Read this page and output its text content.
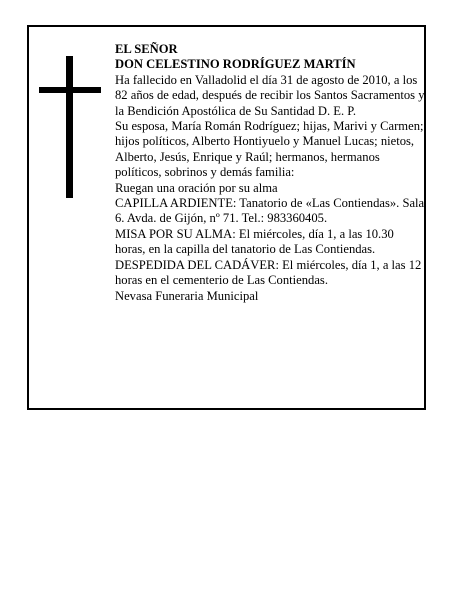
EL SEÑOR

DON CELESTINO RODRÍGUEZ MARTÍN

Ha fallecido en Valladolid el día 31 de agosto de 2010, a los 82 años de edad, después de recibir los Santos Sacramentos y la Bendición Apostólica de Su Santidad D. E. P.

Su esposa, María Román Rodríguez; hijas, Marivi y Carmen; hijos políticos, Alberto Hontiyuelo y Manuel Lucas; nietos, Alberto, Jesús, Enrique y Raúl; hermanos, hermanos políticos, sobrinos y demás familia:

Ruegan una oración por su alma

CAPILLA ARDIENTE: Tanatorio de «Las Contiendas». Sala 6. Avda. de Gijón, nº 71. Tel.: 983360405.

MISA POR SU ALMA: El miércoles, día 1, a las 10.30 horas, en la capilla del tanatorio de Las Contiendas.

DESPEDIDA DEL CADÁVER: El miércoles, día 1, a las 12 horas en el cementerio de Las Contiendas.

Nevasa Funeraria Municipal
